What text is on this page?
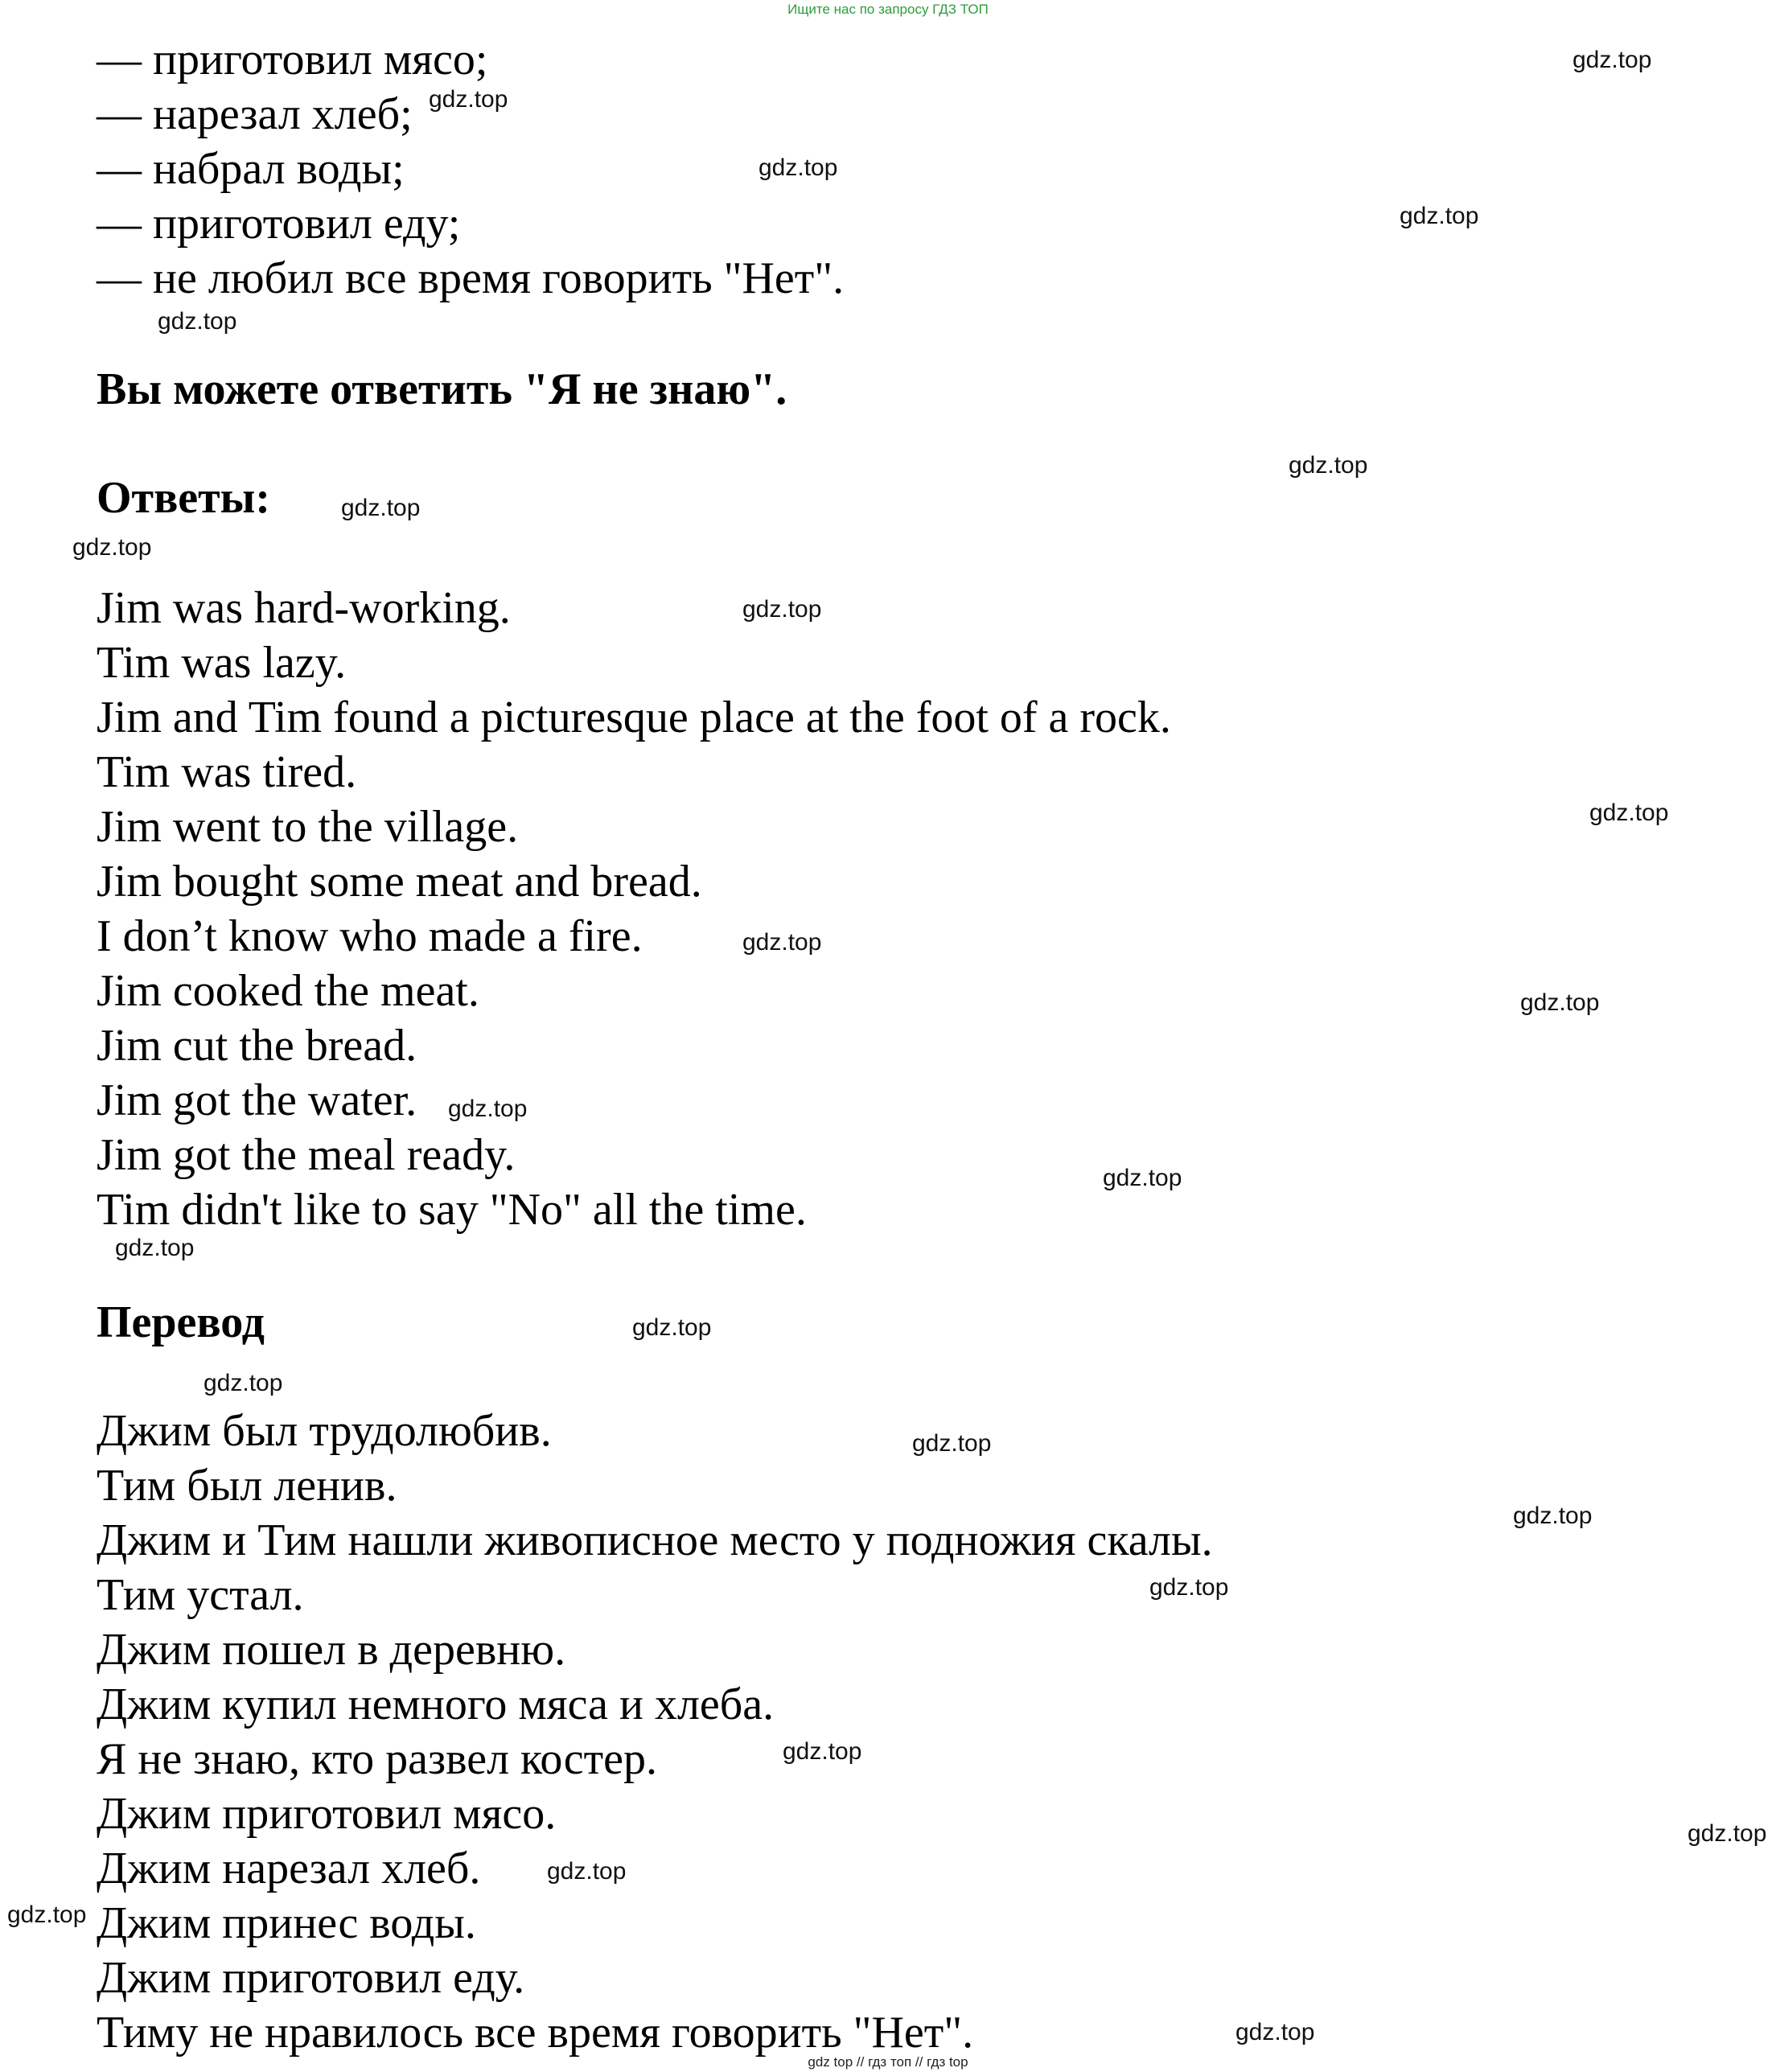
Ищите нас по запросу ГДЗ ТОП
— приготовил мясо;
— нарезал хлеб;
— набрал воды;
— приготовил еду;
— не любил все время говорить "Нет".
Вы можете ответить "Я не знаю".
Ответы:
Jim was hard-working.
Tim was lazy.
Jim and Tim found a picturesque place at the foot of a rock.
Tim was tired.
Jim went to the village.
Jim bought some meat and bread.
I don’t know who made a fire.
Jim cooked the meat.
Jim cut the bread.
Jim got the water.
Jim got the meal ready.
Tim didn't like to say "No" all the time.
Перевод
Джим был трудолюбив.
Тим был ленив.
Джим и Тим нашли живописное место у подножия скалы.
Тим устал.
Джим пошел в деревню.
Джим купил немного мяса и хлеба.
Я не знаю, кто развел костер.
Джим приготовил мясо.
Джим нарезал хлеб.
Джим принес воды.
Джим приготовил еду.
Тиму не нравилось все время говорить "Нет".
gdz.top
gdz.top
gdz.top
gdz.top
gdz.top
gdz.top
gdz.top
gdz.top
gdz.top
gdz.top
gdz.top
gdz.top
gdz.top
gdz.top
gdz.top
gdz.top
gdz.top
gdz.top
gdz.top
gdz.top
gdz.top
gdz.top
gdz.top
gdz.top
gdz.top
gdz top // гдз топ // гдз top
